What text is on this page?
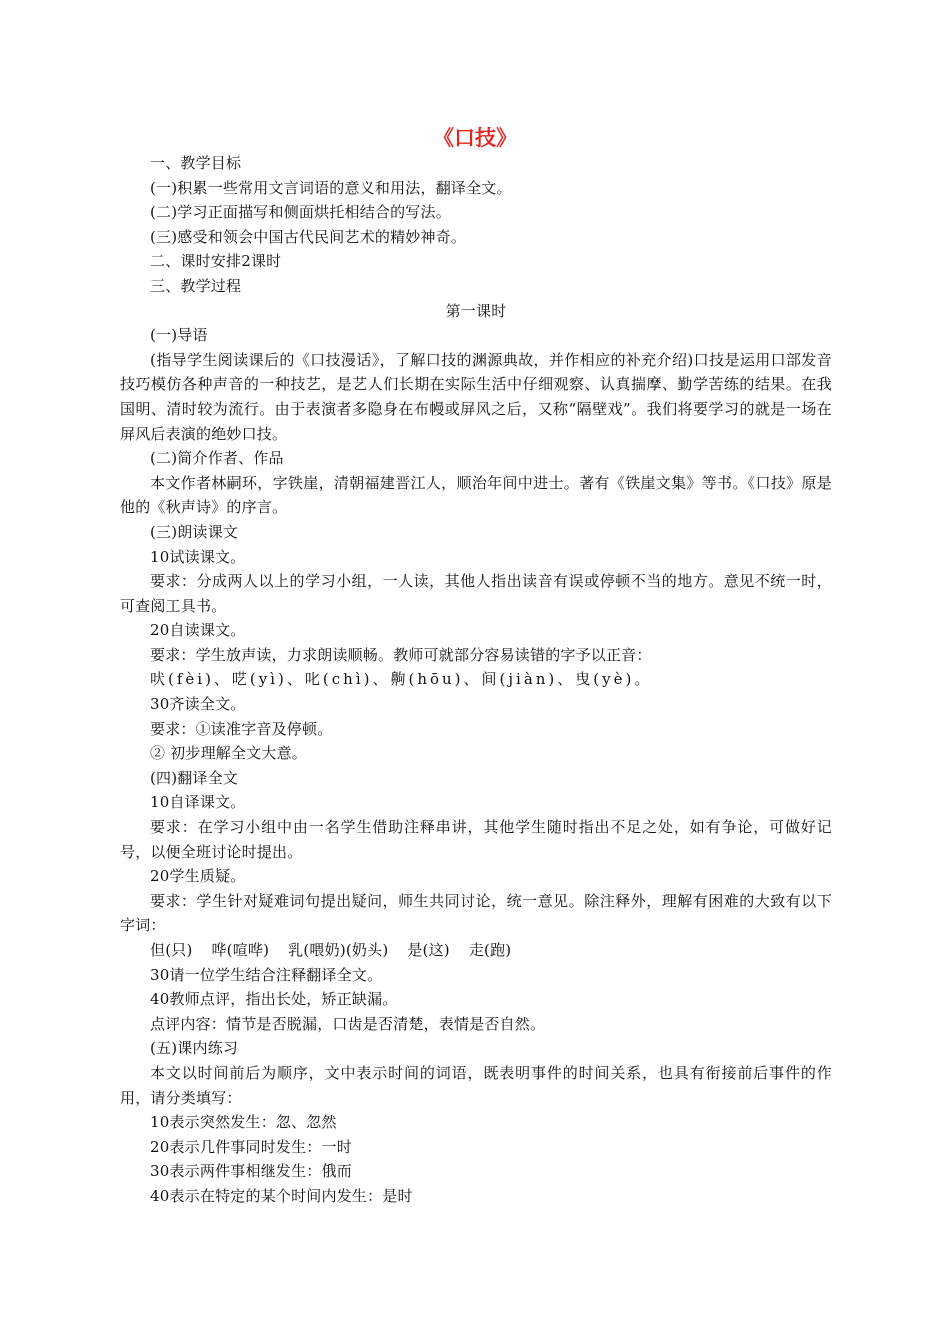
《口技》

一、教学目标

(一)积累一些常用文言词语的意义和用法，翻译全文。

(二)学习正面描写和侧面烘托相结合的写法。

(三)感受和领会中国古代民间艺术的精妙神奇。

二、课时安排2课时

三、教学过程

第一课时

(一)导语

(指导学生阅读课后的《口技漫话》，了解口技的渊源典故，并作相应的补充介绍)口技是运用口部发音技巧模仿各种声音的一种技艺，是艺人们长期在实际生活中仔细观察、认真揣摩、勤学苦练的结果。在我国明、清时较为流行。由于表演者多隐身在布幔或屏风之后，又称“隔壁戏”。我们将要学习的就是一场在屏风后表演的绝妙口技。

(二)简介作者、作品

本文作者林嗣环，字铁崖，清朝福建晋江人，顺治年间中进士。著有《铁崖文集》等书。《口技》原是他的《秋声诗》的序言。

(三)朗读课文

10试读课文。

要求：分成两人以上的学习小组，一人读，其他人指出读音有误或停顿不当的地方。意见不统一时，可查阅工具书。

20自读课文。

要求：学生放声读，力求朗读顺畅。教师可就部分容易读错的字予以正音：

吠(fèi)、呓(yì)、叱(chì)、齁(hōu)、间(jiàn)、曳(yè)。

30齐读全文。

要求：①读准字音及停顿。

② 初步理解全文大意。

(四)翻译全文

10自译课文。

要求：在学习小组中由一名学生借助注释串讲，其他学生随时指出不足之处，如有争论，可做好记号，以便全班讨论时提出。

20学生质疑。

要求：学生针对疑难词句提出疑问，师生共同讨论，统一意见。除注释外，理解有困难的大致有以下字词：

但(只) 哗(喧哗) 乳(喂奶)(奶头) 是(这) 走(跑)

30请一位学生结合注释翻译全文。

40教师点评，指出长处，矫正缺漏。

点评内容：情节是否脱漏，口齿是否清楚，表情是否自然。

(五)课内练习

本文以时间前后为顺序，文中表示时间的词语，既表明事件的时间关系，也具有衔接前后事件的作用，请分类填写：

10表示突然发生：忽、忽然

20表示几件事同时发生：一时

30表示两件事相继发生：俄而

40表示在特定的某个时间内发生：是时
